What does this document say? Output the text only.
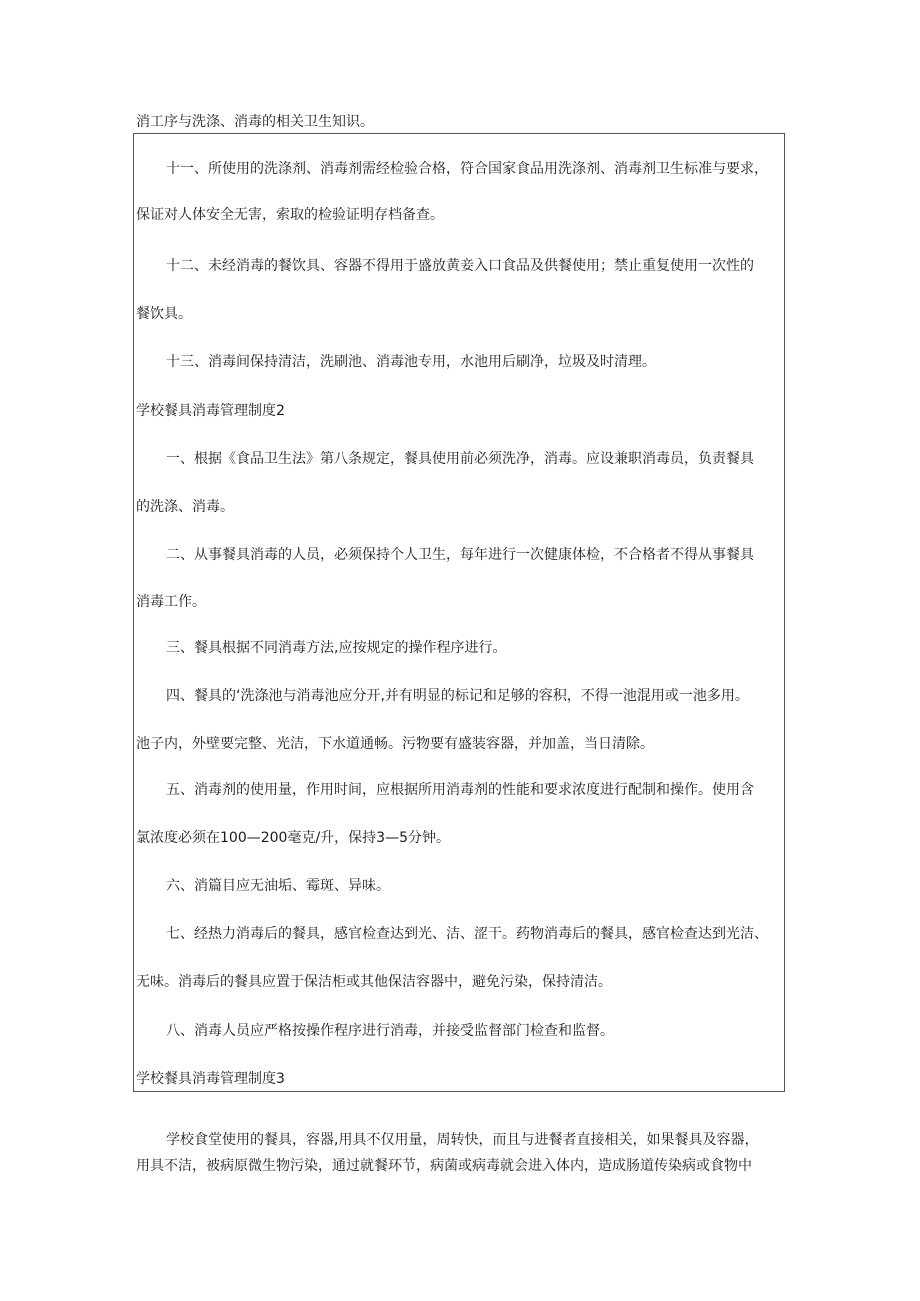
消工序与洗涤、消毒的相关卫生知识。
十一、所使用的洗涤剂、消毒剂需经检验合格，符合国家食品用洗涤剂、消毒剂卫生标准与要求，
保证对人体安全无害，索取的检验证明存档备查。
十二、未经消毒的餐饮具、容器不得用于盛放黄妾入口食品及供餐使用；禁止重复使用一次性的
餐饮具。
十三、消毒间保持清洁，洗刷池、消毒池专用，水池用后刷净，垃圾及时清理。
学校餐具消毒管理制度2
一、根据《食品卫生法》第八条规定，餐具使用前必须洗净，消毒。应设兼职消毒员，负责餐具
的洗涤、消毒。
二、从事餐具消毒的人员，必须保持个人卫生，每年进行一次健康体检，不合格者不得从事餐具
消毒工作。
三、餐具根据不同消毒方法,应按规定的操作程序进行。
四、餐具的‘洗涤池与消毒池应分开,并有明显的标记和足够的容积，不得一池混用或一池多用。
池子内，外壁要完整、光洁，下水道通畅。污物要有盛装容器，并加盖，当日清除。
五、消毒剂的使用量，作用时间，应根据所用消毒剂的性能和要求浓度进行配制和操作。使用含
氯浓度必须在100—200毫克/升，保持3—5分钟。
六、消篇目应无油垢、霉斑、异味。
七、经热力消毒后的餐具，感官检查达到光、洁、涩干。药物消毒后的餐具，感官检查达到光洁、
无味。消毒后的餐具应置于保洁柜或其他保洁容器中，避免污染，保持清洁。
八、消毒人员应严格按操作程序进行消毒，并接受监督部门检查和监督。
学校餐具消毒管理制度3
学校食堂使用的餐具，容器,用具不仅用量，周转快，而且与进餐者直接相关，如果餐具及容器，
用具不洁，被病原微生物污染，通过就餐环节，病菌或病毒就会进入体内，造成肠道传染病或食物中
